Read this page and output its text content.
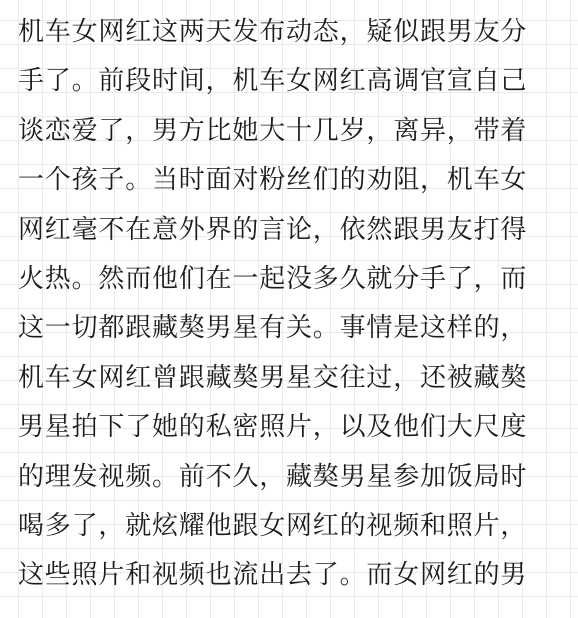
机车女网红这两天发布动态，疑似跟男友分
手了。前段时间，机车女网红高调官宣自己
谈恋爱了，男方比她大十几岁，离异，带着
一个孩子。当时面对粉丝们的劝阻，机车女
网红毫不在意外界的言论，依然跟男友打得
火热。然而他们在一起没多久就分手了，而
这一切都跟藏獒男星有关。事情是这样的，
机车女网红曾跟藏獒男星交往过，还被藏獒
男星拍下了她的私密照片，以及他们大尺度
的理发视频。前不久，藏獒男星参加饭局时
喝多了，就炫耀他跟女网红的视频和照片，
这些照片和视频也流出去了。而女网红的男
